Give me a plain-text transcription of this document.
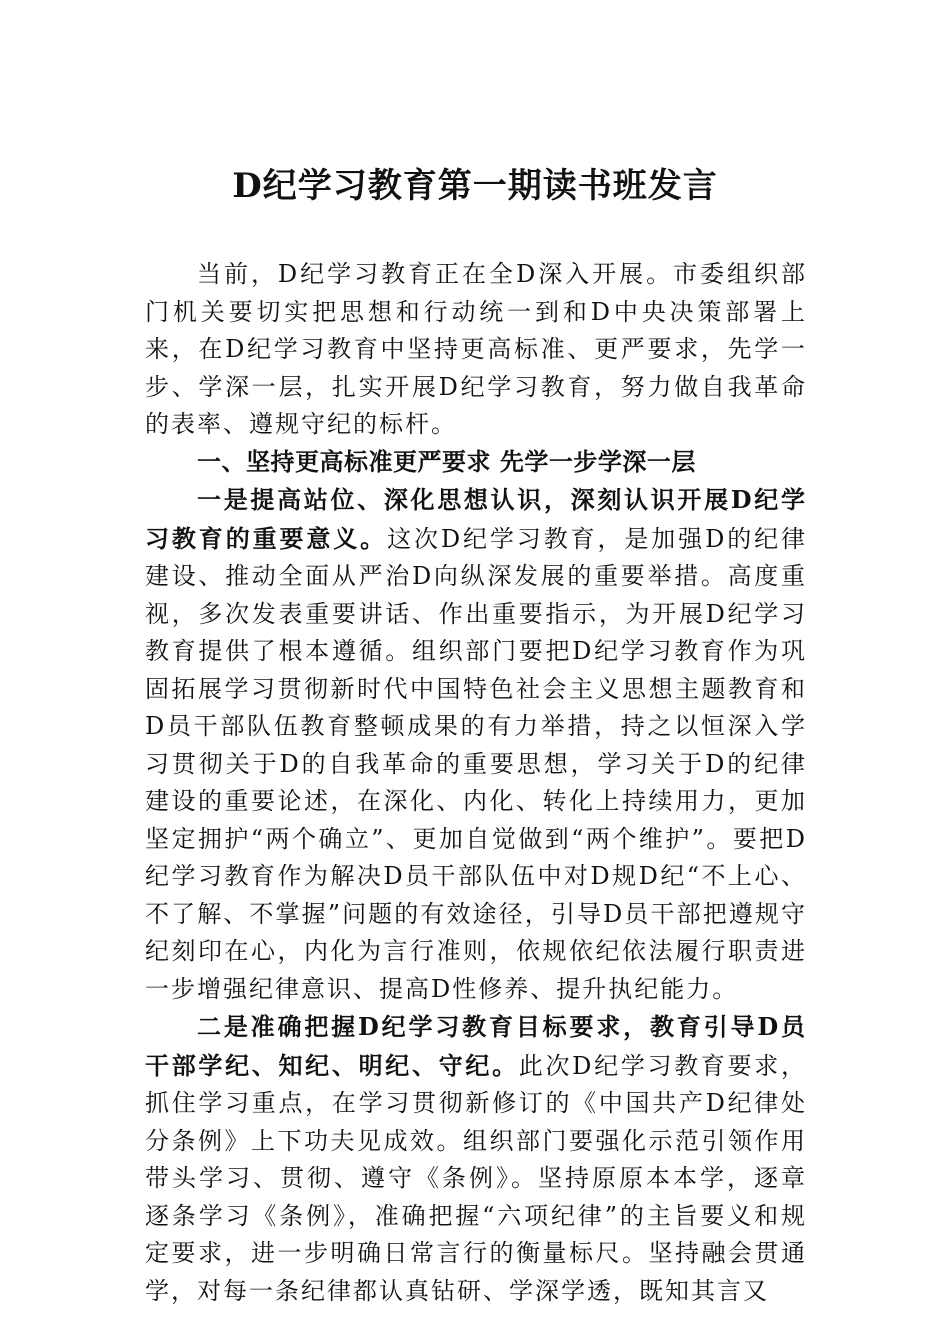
D纪学习教育第一期读书班发言

当前，D纪学习教育正在全D深入开展。市委组织部门机关要切实把思想和行动统一到和D中央决策部署上来，在D纪学习教育中坚持更高标准、更严要求，先学一步、学深一层，扎实开展D纪学习教育，努力做自我革命的表率、遵规守纪的标杆。

一、坚持更高标准更严要求 先学一步学深一层

一是提高站位、深化思想认识，深刻认识开展D纪学习教育的重要意义。这次D纪学习教育，是加强D的纪律建设、推动全面从严治D向纵深发展的重要举措。高度重视，多次发表重要讲话、作出重要指示，为开展D纪学习教育提供了根本遵循。组织部门要把D纪学习教育作为巩固拓展学习贯彻新时代中国特色社会主义思想主题教育和D员干部队伍教育整顿成果的有力举措，持之以恒深入学习贯彻关于D的自我革命的重要思想，学习关于D的纪律建设的重要论述，在深化、内化、转化上持续用力，更加坚定拥护“两个确立”、更加自觉做到“两个维护”。要把D纪学习教育作为解决D员干部队伍中对D规D纪“不上心、不了解、不掌握”问题的有效途径，引导D员干部把遵规守纪刻印在心，内化为言行准则，依规依纪依法履行职责进一步增强纪律意识、提高D性修养、提升执纪能力。

二是准确把握D纪学习教育目标要求，教育引导D员干部学纪、知纪、明纪、守纪。此次D纪学习教育要求，抓住学习重点，在学习贯彻新修订的《中国共产D纪律处分条例》上下功夫见成效。组织部门要强化示范引领作用带头学习、贯彻、遵守《条例》。坚持原原本本学，逐章逐条学习《条例》，准确把握“六项纪律”的主旨要义和规定要求，进一步明确日常言行的衡量标尺。坚持融会贯通学，对每一条纪律都认真钻研、学深学透，既知其言又
